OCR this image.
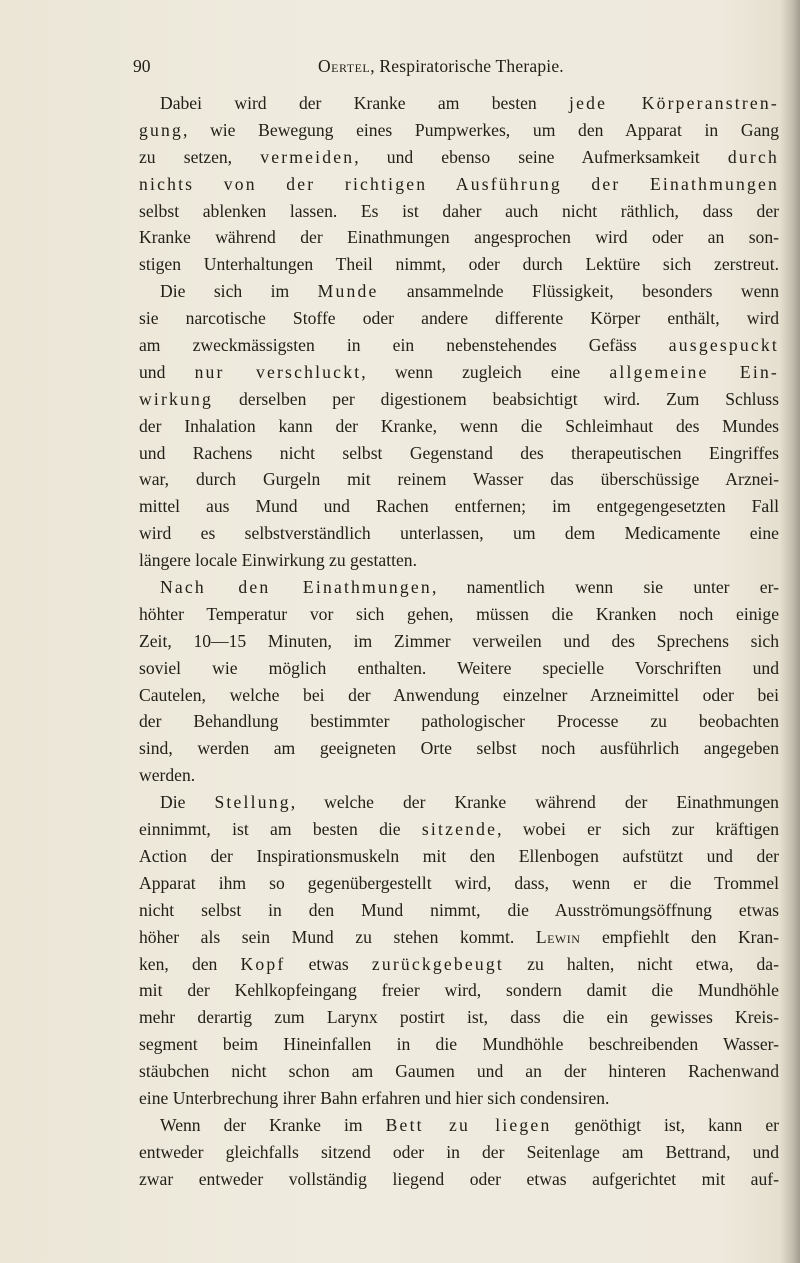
90	Oertel, Respiratorische Therapie.
Dabei wird der Kranke am besten jede Körperanstren-
gung, wie Bewegung eines Pumpwerkes, um den Apparat in Gang
zu setzen, vermeiden, und ebenso seine Aufmerksamkeit durch
nichts von der richtigen Ausführung der Einathmungen
selbst ablenken lassen. Es ist daher auch nicht räthlich, dass der
Kranke während der Einathmungen angesprochen wird oder an son-
stigen Unterhaltungen Theil nimmt, oder durch Lektüre sich zerstreut.
Die sich im Munde ansammelnde Flüssigkeit, besonders wenn
sie narcotische Stoffe oder andere differente Körper enthält, wird
am zweckmässigsten in ein nebenstehendes Gefäss ausgespuckt
und nur verschluckt, wenn zugleich eine allgemeine Ein-
wirkung derselben per digestionem beabsichtigt wird. Zum Schluss
der Inhalation kann der Kranke, wenn die Schleimhaut des Mundes
und Rachens nicht selbst Gegenstand des therapeutischen Eingriffes
war, durch Gurgeln mit reinem Wasser das überschüssige Arznei-
mittel aus Mund und Rachen entfernen; im entgegengesetzten Fall
wird es selbstverständlich unterlassen, um dem Medicamente eine
längere locale Einwirkung zu gestatten.
Nach den Einathmungen, namentlich wenn sie unter er-
höhter Temperatur vor sich gehen, müssen die Kranken noch einige
Zeit, 10—15 Minuten, im Zimmer verweilen und des Sprechens sich
soviel wie möglich enthalten. Weitere specielle Vorschriften und
Cautelen, welche bei der Anwendung einzelner Arzneimittel oder bei
der Behandlung bestimmter pathologischer Processe zu beobachten
sind, werden am geeigneten Orte selbst noch ausführlich angegeben
werden.
Die Stellung, welche der Kranke während der Einathmungen
einnimmt, ist am besten die sitzende, wobei er sich zur kräftigen
Action der Inspirationsmuskeln mit den Ellenbogen aufstützt und der
Apparat ihm so gegenübergestellt wird, dass, wenn er die Trommel
nicht selbst in den Mund nimmt, die Ausströmungsöffnung etwas
höher als sein Mund zu stehen kommt. Lewin empfiehlt den Kran-
ken, den Kopf etwas zurückgebeugt zu halten, nicht etwa, da-
mit der Kehlkopfeingang freier wird, sondern damit die Mundhöhle
mehr derartig zum Larynx postirt ist, dass die ein gewisses Kreis-
segment beim Hineinfallen in die Mundhöhle beschreibenden Wasser-
stäubchen nicht schon am Gaumen und an der hinteren Rachenwand
eine Unterbrechung ihrer Bahn erfahren und hier sich condensiren.
Wenn der Kranke im Bett zu liegen genöthigt ist, kann er
entweder gleichfalls sitzend oder in der Seitenlage am Bettrand, und
zwar entweder vollständig liegend oder etwas aufgerichtet mit auf-
